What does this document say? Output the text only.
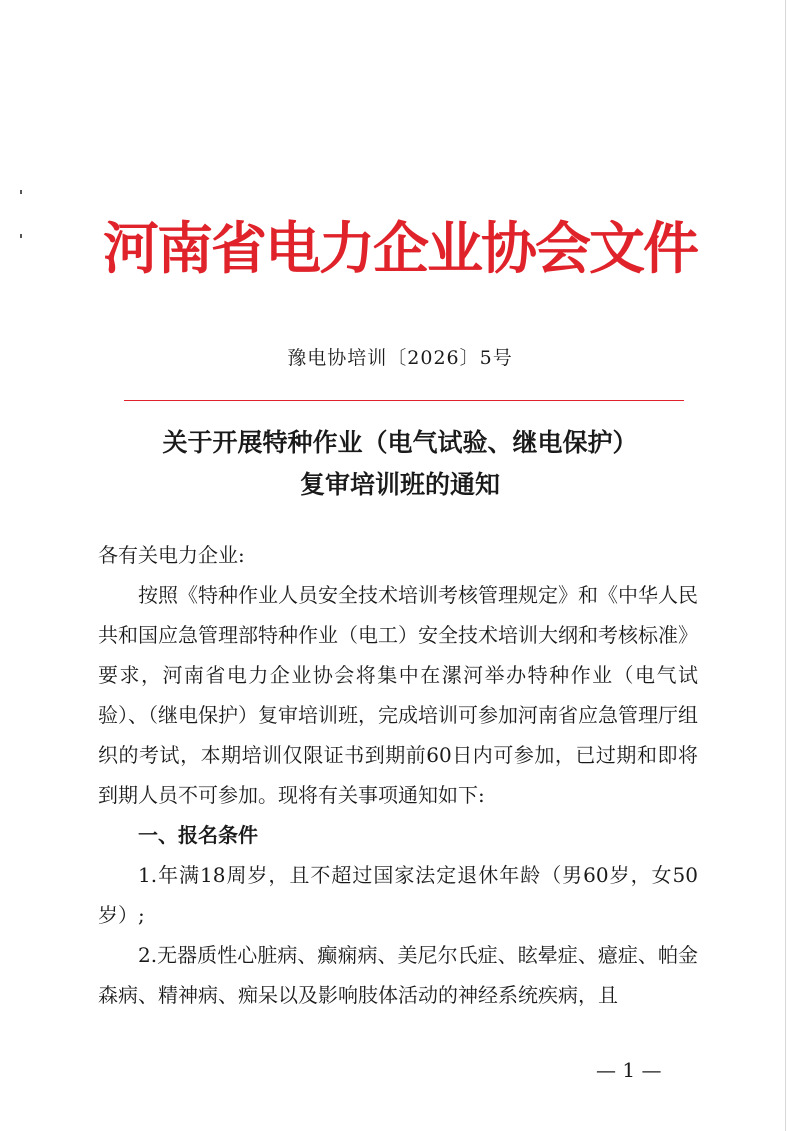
河南省电力企业协会文件
豫电协培训〔2026〕5号
关于开展特种作业（电气试验、继电保护）
复审培训班的通知

各有关电力企业:

按照《特种作业人员安全技术培训考核管理规定》和《中华人民共和国应急管理部特种作业（电工）安全技术培训大纲和考核标准》要求，河南省电力企业协会将集中在漯河举办特种作业（电气试验）、（继电保护）复审培训班，完成培训可参加河南省应急管理厅组织的考试，本期培训仅限证书到期前60日内可参加，已过期和即将到期人员不可参加。现将有关事项通知如下:

一、报名条件

1.年满18周岁，且不超过国家法定退休年龄（男60岁，女50岁）;

2.无器质性心脏病、癫痫病、美尼尔氏症、眩晕症、癔症、帕金森病、精神病、痴呆以及影响肢体活动的神经系统疾病，且

— 1 —
